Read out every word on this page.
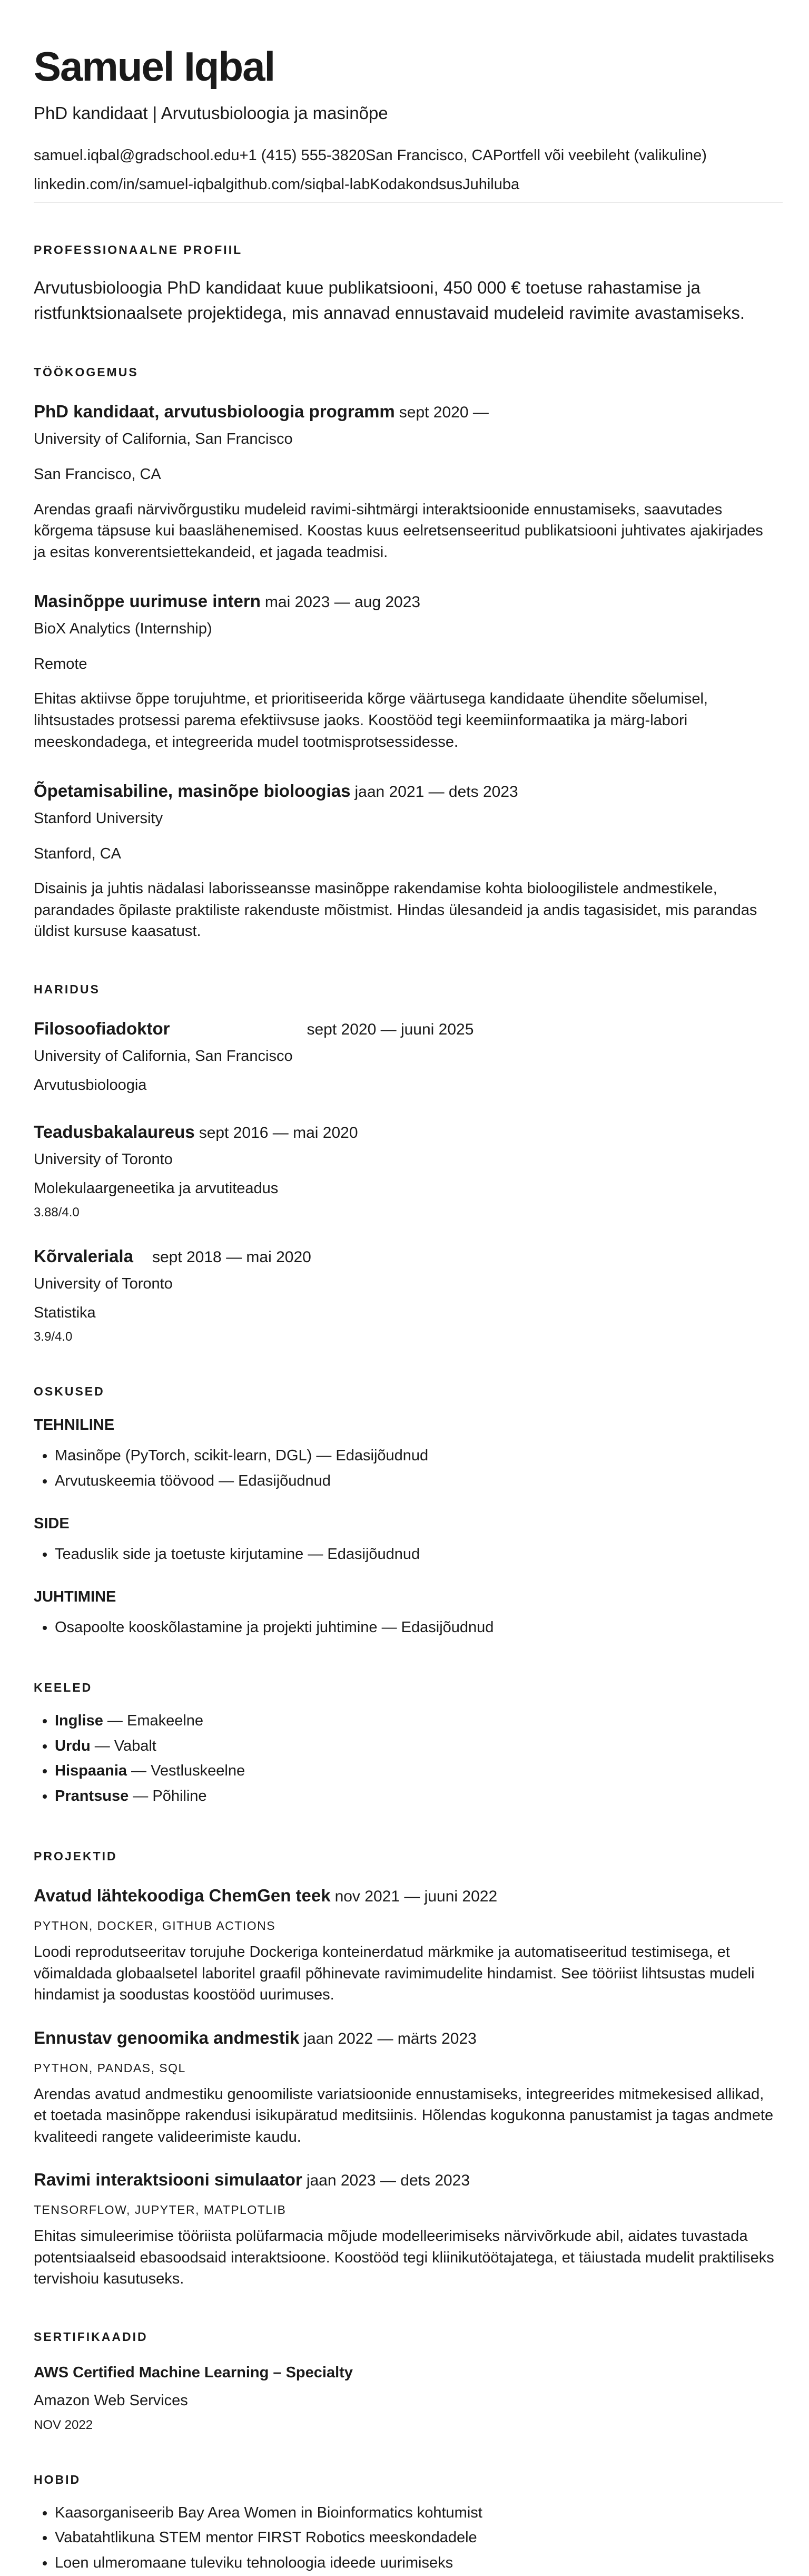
Samuel Iqbal
PhD kandidaat | Arvutusbioloogia ja masinõpe
samuel.iqbal@gradschool.edu+1 (415) 555-3820San Francisco, CAPortfell või veebileht (valikuline)
linkedin.com/in/samuel-iqbalgithub.com/siqbal-labKodakondsusJuhiluba
PROFESSIONAALNE PROFIIL
Arvutusbioloogia PhD kandidaat kuue publikatsiooni, 450 000 € toetuse rahastamise ja ristfunktsionaalsete projektidega, mis annavad ennustavaid mudeleid ravimite avastamiseks.
TÖÖKOGEMUS
PhD kandidaat, arvutusbioloogia programm sept 2020 —
University of California, San Francisco
San Francisco, CA
Arendas graafi närvivõrgustiku mudeleid ravimi-sihtmärgi interaktsioonide ennustamiseks, saavutades kõrgema täpsuse kui baaslähenemised. Koostas kuus eelretsenseeritud publikatsiooni juhtivates ajakirjades ja esitas konverentsiettekandeid, et jagada teadmisi.
Masinõppe uurimuse intern mai 2023 — aug 2023
BioX Analytics (Internship)
Remote
Ehitas aktiivse õppe torujuhtme, et prioritiseerida kõrge väärtusega kandidaate ühendite sõelumisel, lihtsustades protsessi parema efektiivsuse jaoks. Koostööd tegi keemiinformaatika ja märg-labori meeskondadega, et integreerida mudel tootmisprotsessidesse.
Õpetamisabiline, masinõpe bioloogias jaan 2021 — dets 2023
Stanford University
Stanford, CA
Disainis ja juhtis nädalasi laborisseansse masinõppe rakendamise kohta bioloogilistele andmestikele, parandades õpilaste praktiliste rakenduste mõistmist. Hindas ülesandeid ja andis tagasisidet, mis parandas üldist kursuse kaasatust.
HARIDUS
Filosoofiadoktor	sept 2020 — juuni 2025
University of California, San Francisco
Arvutusbioloogia
Teadusbakalaureus sept 2016 — mai 2020
University of Toronto
Molekulaargeneetika ja arvutiteadus
3.88/4.0
Kõrvaleriala sept 2018 — mai 2020
University of Toronto
Statistika
3.9/4.0
OSKUSED
TEHNILINE
• Masinõpe (PyTorch, scikit-learn, DGL) — Edasijõudnud
• Arvutuskeemia töövood — Edasijõudnud
SIDE
• Teaduslik side ja toetuste kirjutamine — Edasijõudnud
JUHTIMINE
• Osapoolte kooskõlastamine ja projekti juhtimine — Edasijõudnud
KEELED
• Inglise — Emakeelne
• Urdu — Vabalt
• Hispaania — Vestluskeelne
• Prantsuse — Põhiline
PROJEKTID
Avatud lähtekoodiga ChemGen teek nov 2021 — juuni 2022
PYTHON, DOCKER, GITHUB ACTIONS
Loodi reprodutseeritav torujuhe Dockeriga konteinerdatud märkmike ja automatiseeritud testimisega, et võimaldada globaalsetel laboritel graafil põhinevate ravimimudelite hindamist. See tööriist lihtsustas mudeli hindamist ja soodustas koostööd uurimuses.
Ennustav genoomika andmestik jaan 2022 — märts 2023
PYTHON, PANDAS, SQL
Arendas avatud andmestiku genoomiliste variatsioonide ennustamiseks, integreerides mitmekesised allikad, et toetada masinõppe rakendusi isikupäratud meditsiinis. Hõlendas kogukonna panustamist ja tagas andmete kvaliteedi rangete valideerimiste kaudu.
Ravimi interaktsiooni simulaator jaan 2023 — dets 2023
TENSORFLOW, JUPYTER, MATPLOTLIB
Ehitas simuleerimise tööriista polüfarmacia mõjude modelleerimiseks närvivõrkude abil, aidates tuvastada potentsiaalseid ebasoodsaid interaktsioone. Koostööd tegi kliinikutöötajatega, et täiustada mudelit praktiliseks tervishoiu kasutuseks.
SERTIFIKAADID
AWS Certified Machine Learning – Specialty
Amazon Web Services
NOV 2022
HOBID
• Kaasorganiseerib Bay Area Women in Bioinformatics kohtumist
• Vabatahtlikuna STEM mentor FIRST Robotics meeskondadele
• Loen ulmeromaane tuleviku tehnoloogia ideede uurimiseks
